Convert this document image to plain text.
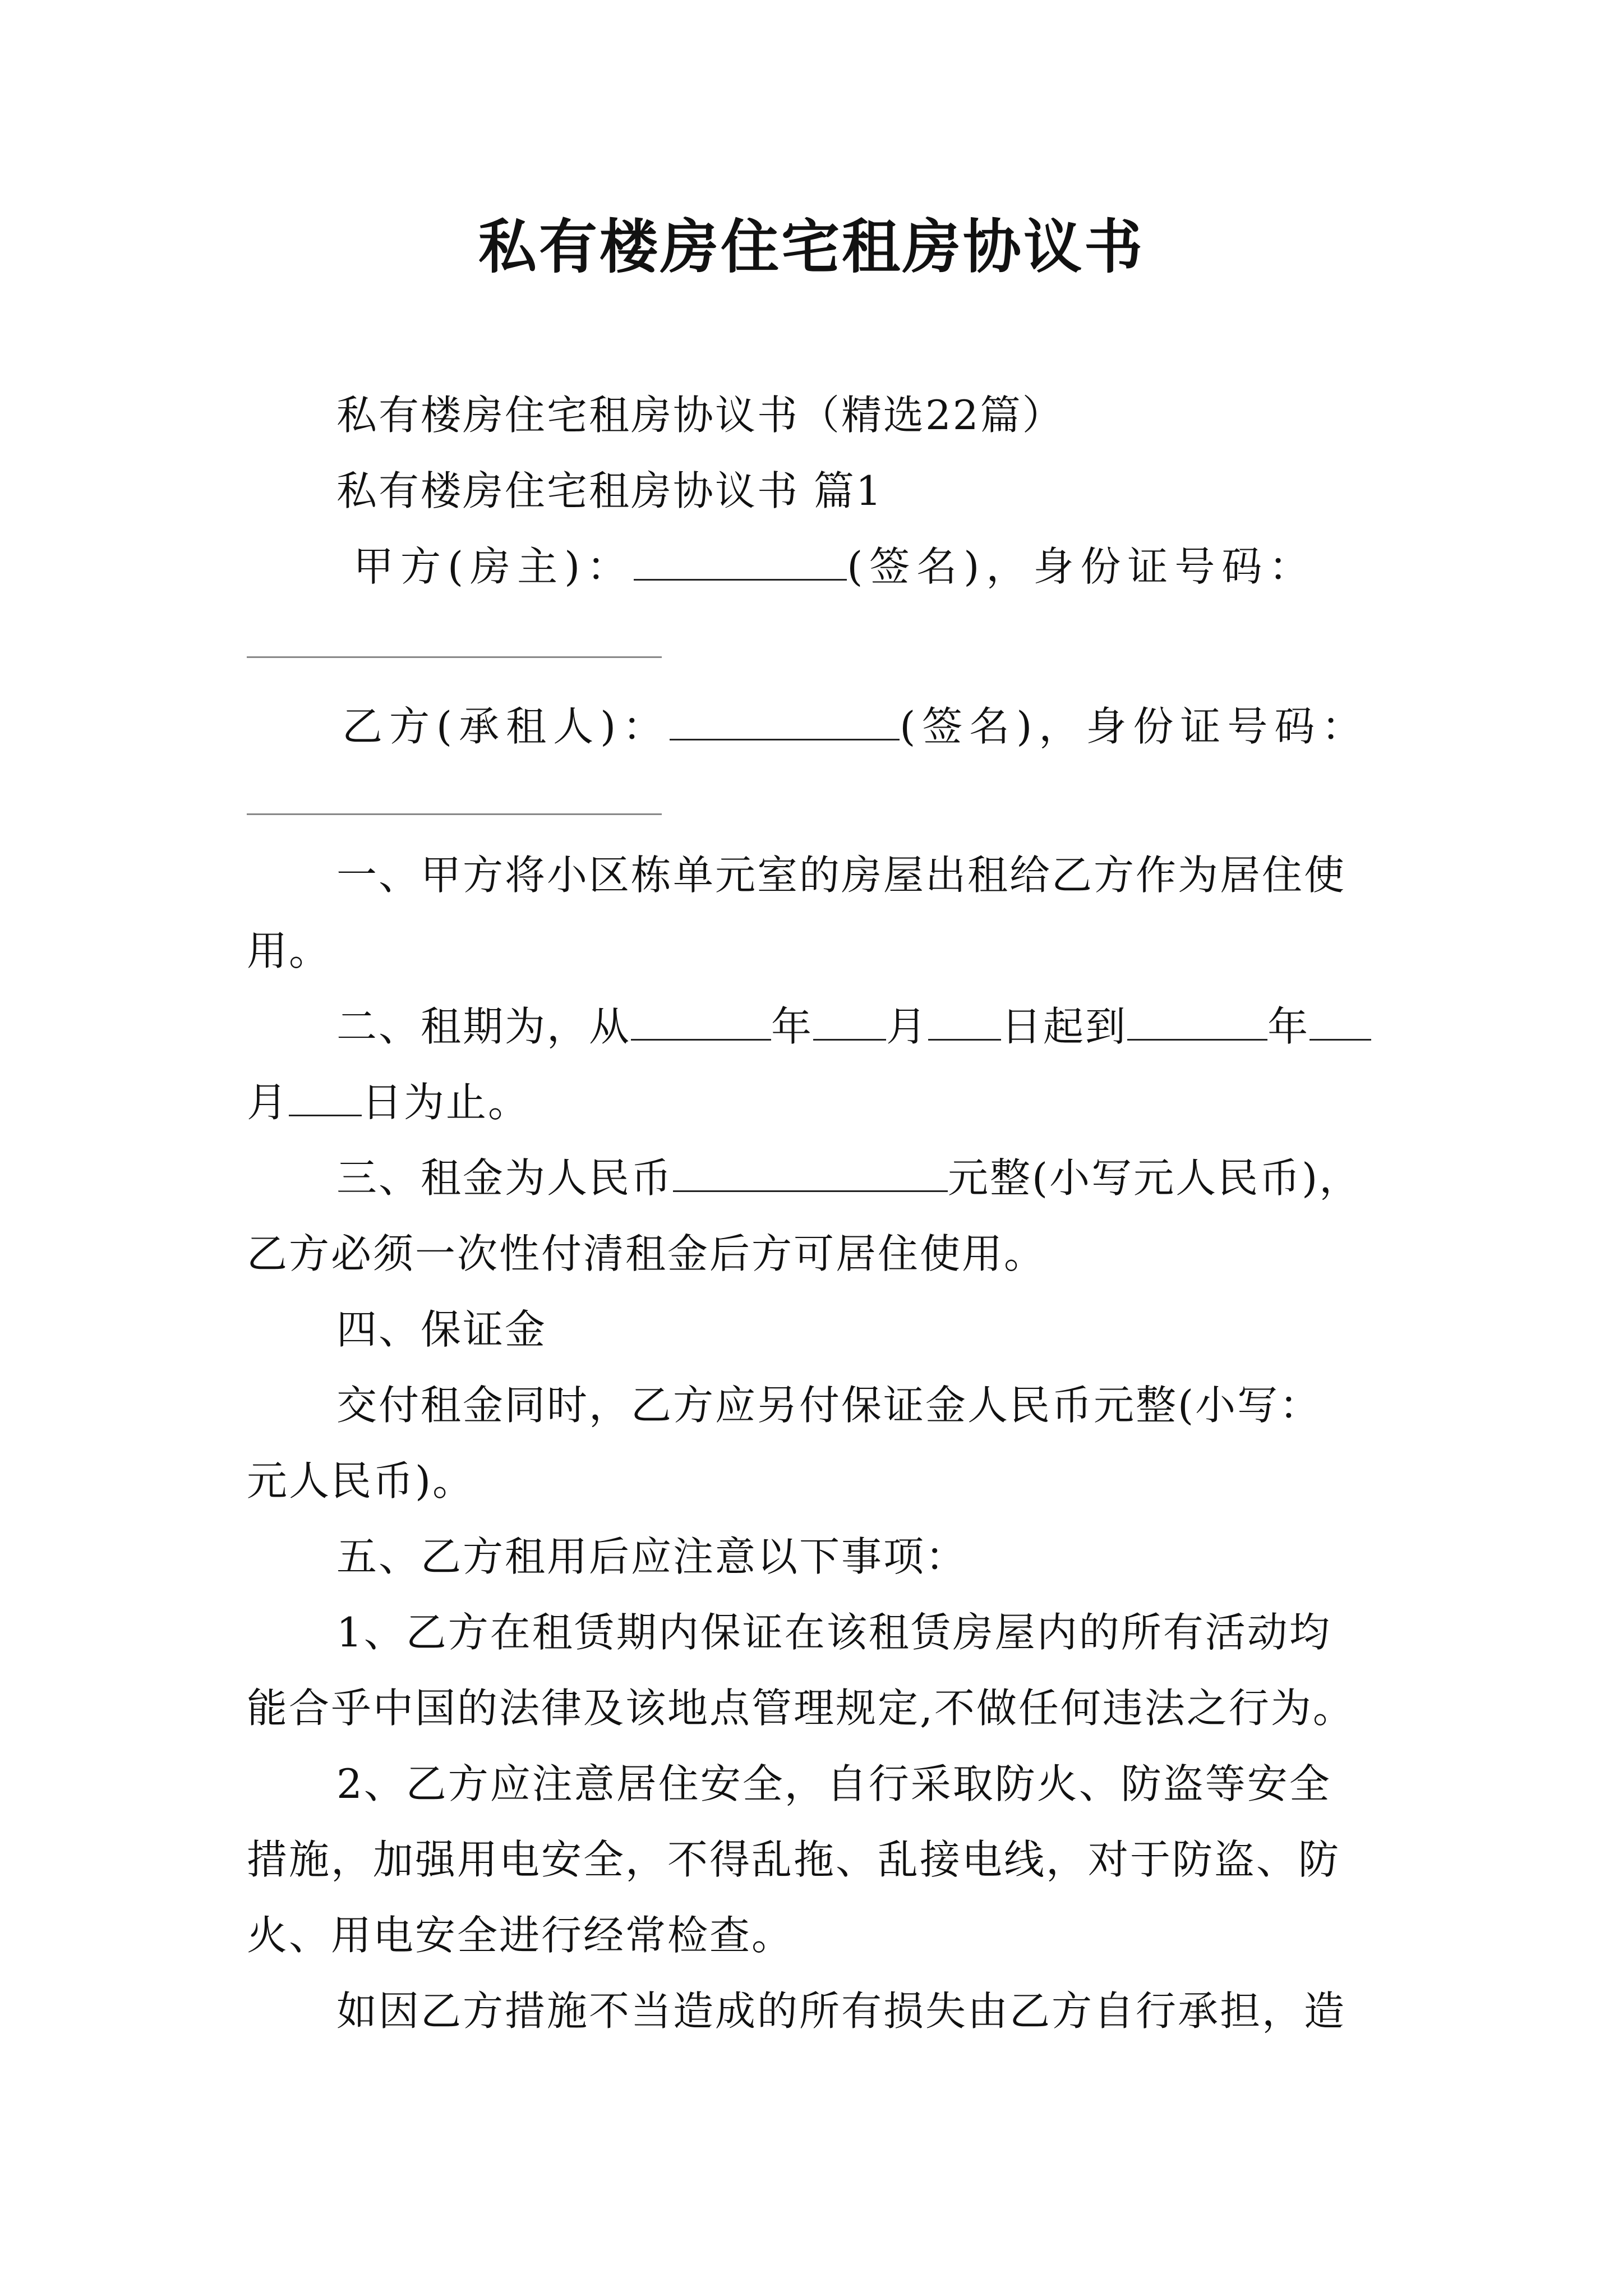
私有楼房住宅租房协议书
私有楼房住宅租房协议书（精选22篇）
私有楼房住宅租房协议书 篇1
甲方(房主)：	(签名)，身份证号码：
乙方(承租人)：	(签名)，身份证号码：
一、甲方将小区栋单元室的房屋出租给乙方作为居住使
用。
二、租期为，从	年 月 日起到	年
月 日为止。
三、租金为人民币	元整(小写元人民币)，
乙方必须一次性付清租金后方可居住使用。
四、保证金
交付租金同时，乙方应另付保证金人民币元整(小写：
元人民币)。
五、乙方租用后应注意以下事项：
1、乙方在租赁期内保证在该租赁房屋内的所有活动均
能合乎中国的法律及该地点管理规定,不做任何违法之行为。
2、乙方应注意居住安全，自行采取防火、防盗等安全
措施，加强用电安全，不得乱拖、乱接电线，对于防盗、防
火、用电安全进行经常检查。
如因乙方措施不当造成的所有损失由乙方自行承担，造
